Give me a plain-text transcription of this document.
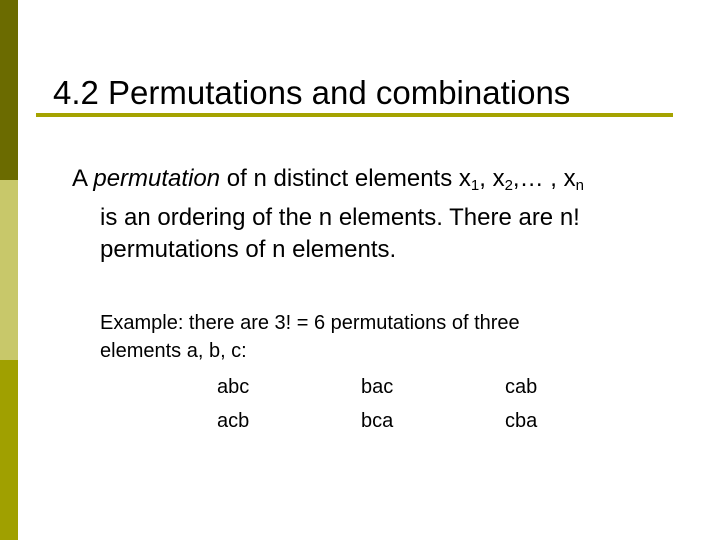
4.2 Permutations and combinations
A permutation of n distinct elements $x_1$, $x_2,\dots$ , $x_n$
is an ordering of the n elements. There are n!
permutations of n elements.
Example: there are 3! = 6 permutations of three
elements a, b, c:
abc	bac	cab
acb	bca	cba
